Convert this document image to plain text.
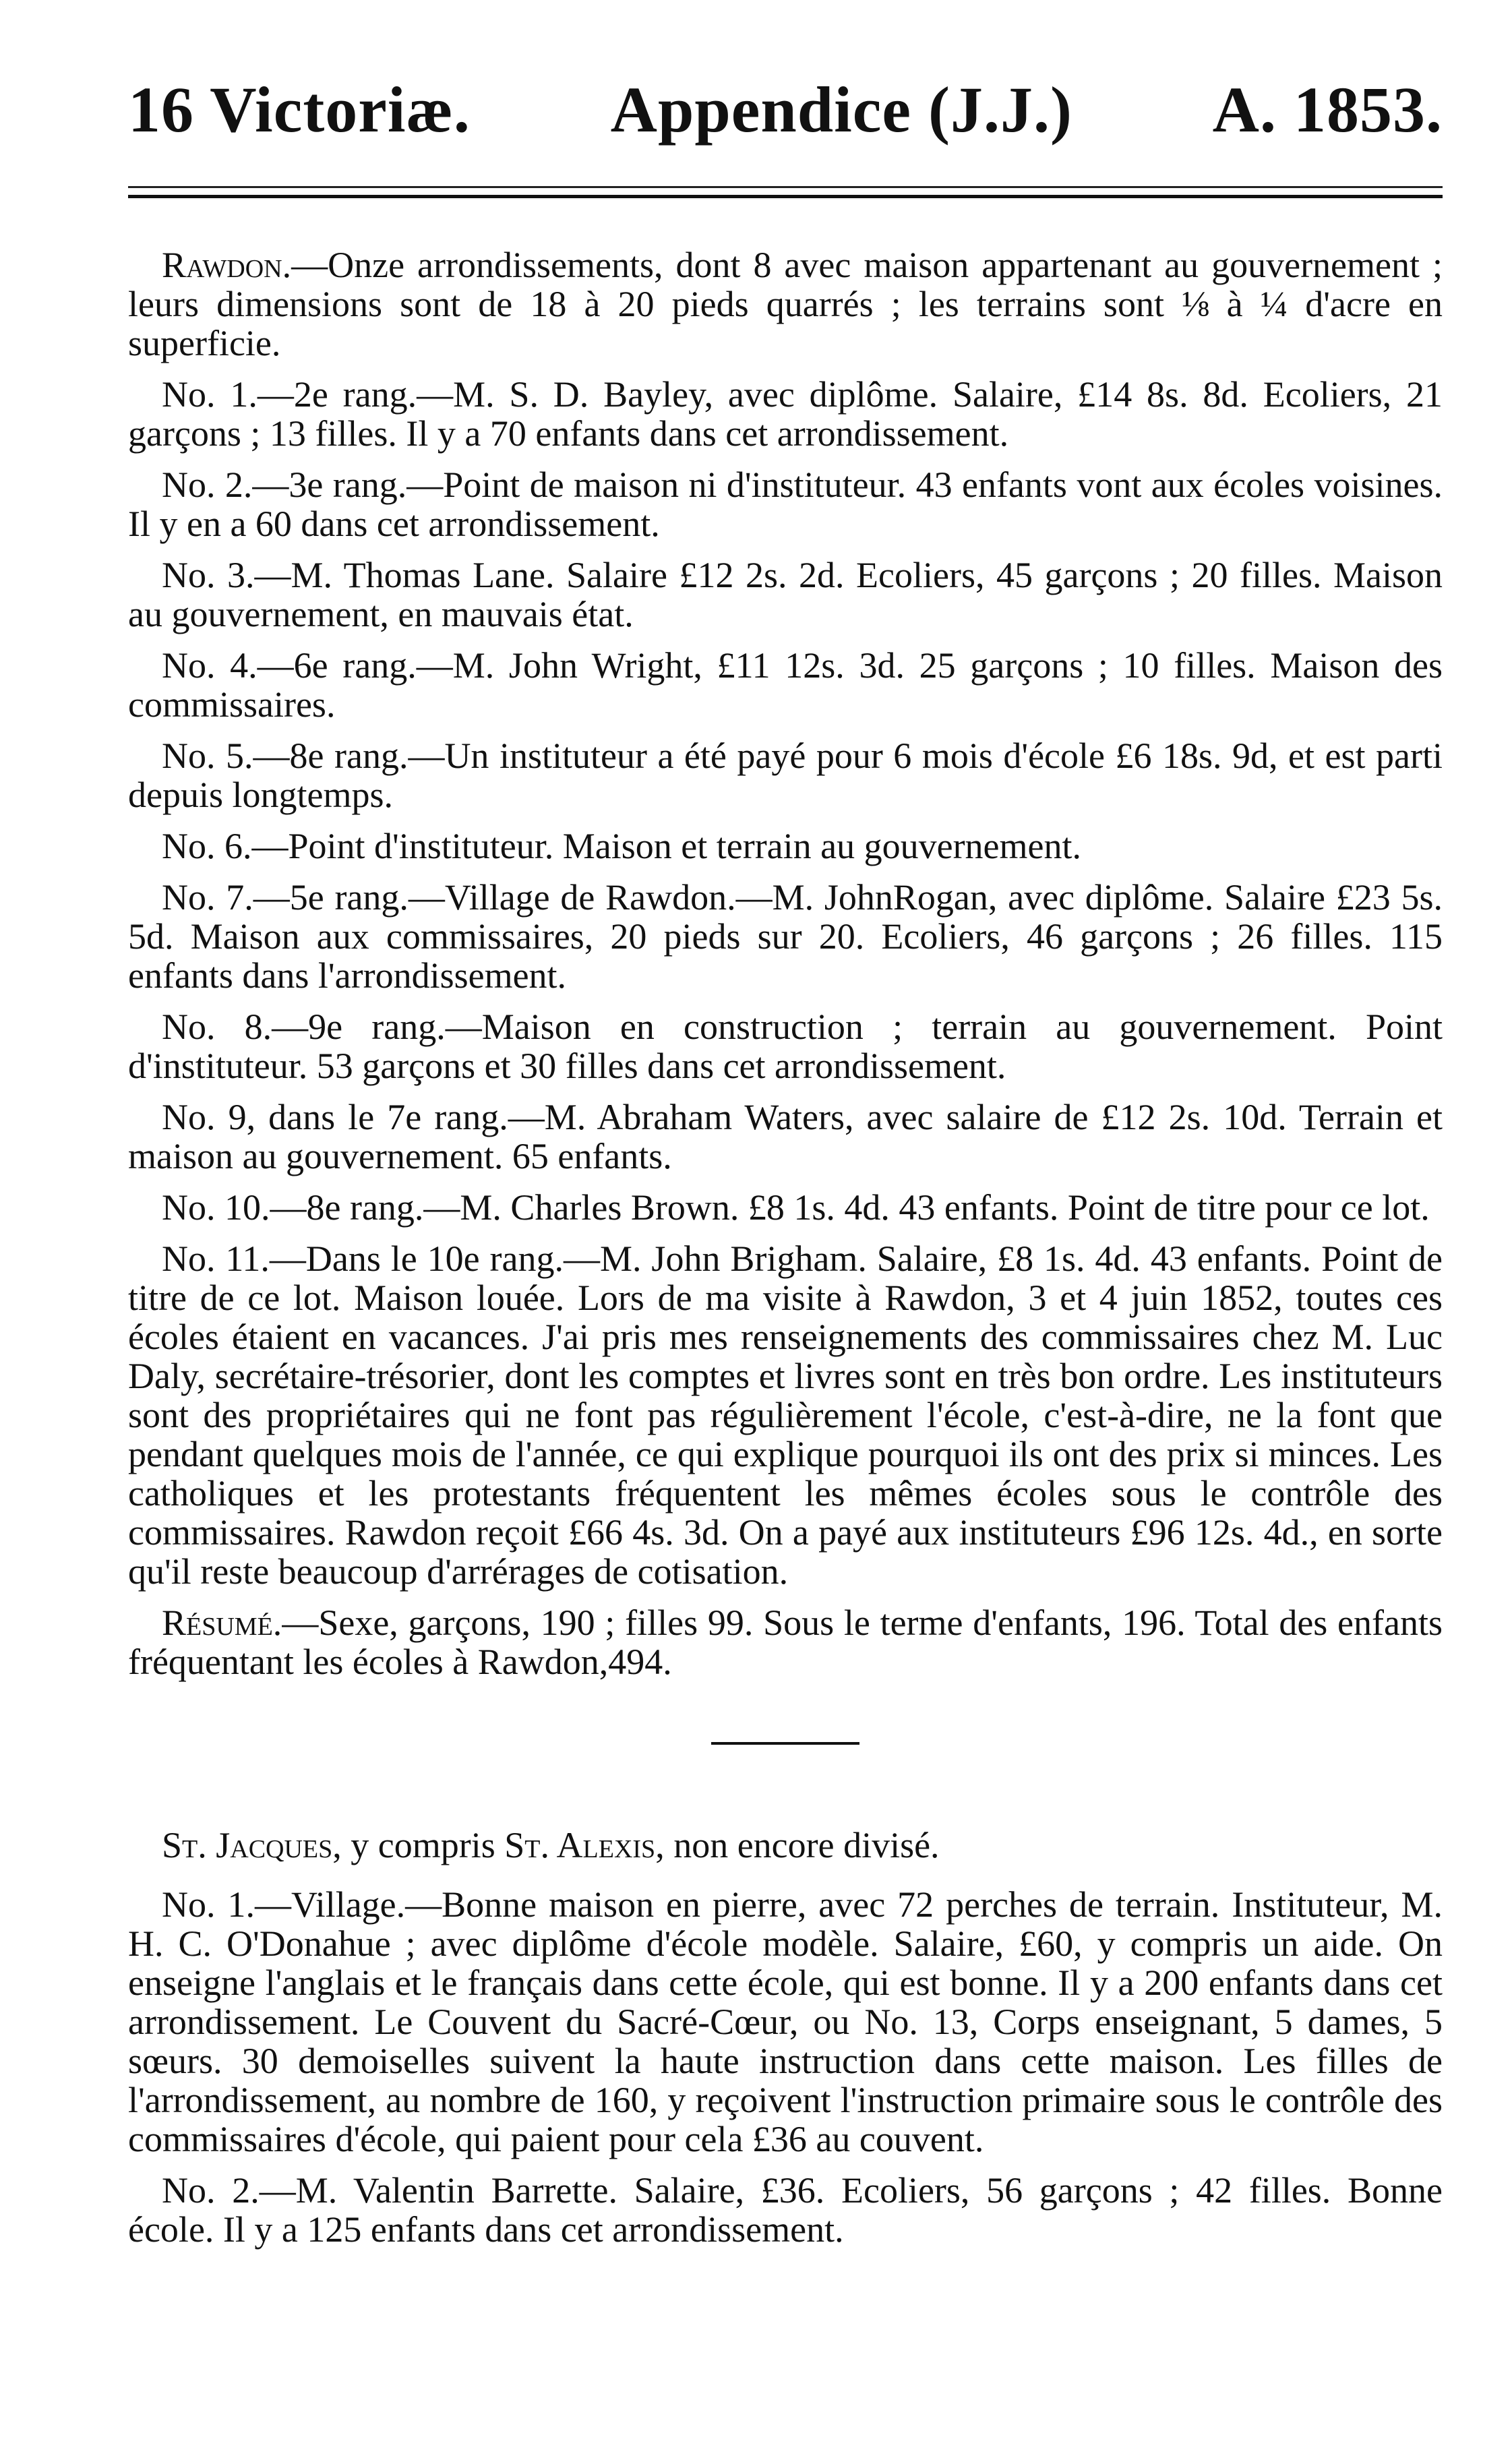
16 Victoriæ. Appendice (J.J.) A. 1853.

Rawdon.—Onze arrondissements, dont 8 avec maison appartenant au gouvernement ; leurs dimensions sont de 18 à 20 pieds quarrés ; les terrains sont ⅛ à ¼ d'acre en superficie.

No. 1.—2e rang.—M. S. D. Bayley, avec diplôme. Salaire, £14 8s. 8d. Ecoliers, 21 garçons ; 13 filles. Il y a 70 enfants dans cet arrondissement.

No. 2.—3e rang.—Point de maison ni d'instituteur. 43 enfants vont aux écoles voisines. Il y en a 60 dans cet arrondissement.

No. 3.—M. Thomas Lane. Salaire £12 2s. 2d. Ecoliers, 45 garçons ; 20 filles. Maison au gouvernement, en mauvais état.

No. 4.—6e rang.—M. John Wright, £11 12s. 3d. 25 garçons ; 10 filles. Maison des commissaires.

No. 5.—8e rang.—Un instituteur a été payé pour 6 mois d'école £6 18s. 9d, et est parti depuis longtemps.

No. 6.—Point d'instituteur. Maison et terrain au gouvernement.

No. 7.—5e rang.—Village de Rawdon.—M. JohnRogan, avec diplôme. Salaire £23 5s. 5d. Maison aux commissaires, 20 pieds sur 20. Ecoliers, 46 garçons ; 26 filles. 115 enfants dans l'arrondissement.

No. 8.—9e rang.—Maison en construction ; terrain au gouvernement. Point d'instituteur. 53 garçons et 30 filles dans cet arrondissement.

No. 9, dans le 7e rang.—M. Abraham Waters, avec salaire de £12 2s. 10d. Terrain et maison au gouvernement. 65 enfants.

No. 10.—8e rang.—M. Charles Brown. £8 1s. 4d. 43 enfants. Point de titre pour ce lot.

No. 11.—Dans le 10e rang.—M. John Brigham. Salaire, £8 1s. 4d. 43 enfants. Point de titre de ce lot. Maison louée. Lors de ma visite à Rawdon, 3 et 4 juin 1852, toutes ces écoles étaient en vacances. J'ai pris mes renseignements des commissaires chez M. Luc Daly, secrétaire-trésorier, dont les comptes et livres sont en très bon ordre. Les instituteurs sont des propriétaires qui ne font pas régulièrement l'école, c'est-à-dire, ne la font que pendant quelques mois de l'année, ce qui explique pourquoi ils ont des prix si minces. Les catholiques et les protestants fréquentent les mêmes écoles sous le contrôle des commissaires. Rawdon reçoit £66 4s. 3d. On a payé aux instituteurs £96 12s. 4d., en sorte qu'il reste beaucoup d'arrérages de cotisation.

Résumé.—Sexe, garçons, 190 ; filles 99. Sous le terme d'enfants, 196. Total des enfants fréquentant les écoles à Rawdon,494.

St. Jacques, y compris St. Alexis, non encore divisé.

No. 1.—Village.—Bonne maison en pierre, avec 72 perches de terrain. Instituteur, M. H. C. O'Donahue ; avec diplôme d'école modèle. Salaire, £60, y compris un aide. On enseigne l'anglais et le français dans cette école, qui est bonne. Il y a 200 enfants dans cet arrondissement. Le Couvent du Sacré-Cœur, ou No. 13, Corps enseignant, 5 dames, 5 sœurs. 30 demoiselles suivent la haute instruction dans cette maison. Les filles de l'arrondissement, au nombre de 160, y reçoivent l'instruction primaire sous le contrôle des commissaires d'école, qui paient pour cela £36 au couvent.

No. 2.—M. Valentin Barrette. Salaire, £36. Ecoliers, 56 garçons ; 42 filles. Bonne école. Il y a 125 enfants dans cet arrondissement.
